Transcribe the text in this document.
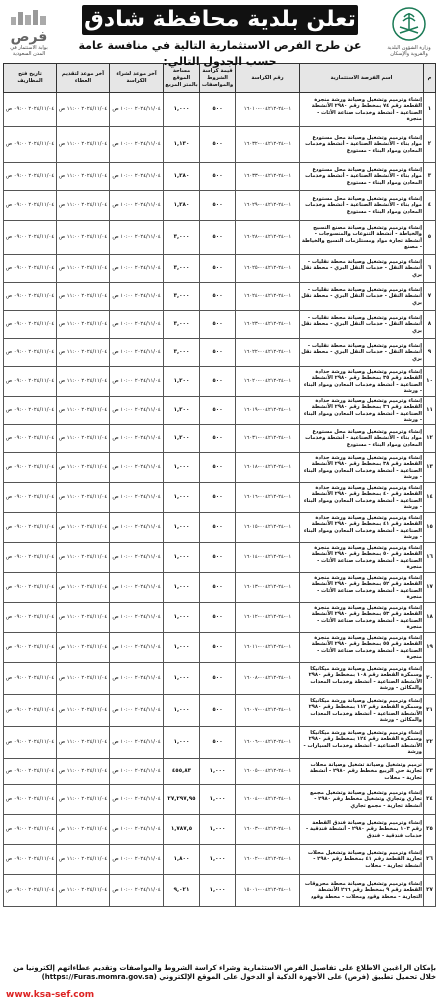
وزارة الشؤون البلدية والقروية والإسكان
تعلن بلدية محافظة شادق
عن طرح الفرص الاستثمارية التالية في منافسة عامة حسب الجدول التالي:
فرص
بوابة الاستثمار في المدن السعودية
م	اسم الفرصة الاستثمارية	رقم الكراسة	قيمة كراسة الشروط والمواصفات	مساحة الموقع بالمتر المربع	آخر موعد لشراء الكراسة	آخر موعد لتقديم العطاء	تاريخ فتح المظاريف
١	إنشاء وترميم وتشغيل وصيانة ورشة منجرة القطعة رقم ٧٤ بمخطط رقم ٢٩٨٠ الأنشطة الصناعية - أنشطة وخدمات صناعة الأثاث - منجرة	٠١-٢٤-٠٠٤٢١٢-١٦٠١٠	٥٠٠	١,٠٠٠	٢٠٢٤/١١/٠٤ ١٠:٠٠ ص	٢٠٢٤/١١/٠٤ ١١:٠٠ ص	٢٠٢٤/١١/٠٤ ٠٩:٠٠ ص
٢	إنشاء وترميم وتشغيل وصيانة محل مستودع مواد بناء - الأنشطة الصناعية - أنشطة وخدمات المعادن ومواد البناء - مستودع	٠١-٢٤-٠٠٤٢١٢-١٦٠٣٢	٥٠٠	١,١٣٠	٢٠٢٤/١١/٠٤ ١٠:٠٠ ص	٢٠٢٤/١١/٠٤ ١١:٠٠ ص	٢٠٢٤/١١/٠٤ ٠٩:٠٠ ص
٣	إنشاء وترميم وتشغيل وصيانة محل مستودع مواد بناء - الأنشطة الصناعية - أنشطة وخدمات المعادن ومواد البناء - مستودع	٠١-٢٤-٠٠٤٢١٢-١٦٠٣٣	٥٠٠	١,٢٨٠	٢٠٢٤/١١/٠٤ ١٠:٠٠ ص	٢٠٢٤/١١/٠٤ ١١:٠٠ ص	٢٠٢٤/١١/٠٤ ٠٩:٠٠ ص
٤	إنشاء وترميم وتشغيل وصيانة محل مستودع مواد بناء - الأنشطة الصناعية - أنشطة وخدمات المعادن ومواد البناء - مستودع	٠١-٢٤-٠٠٤٢١٢-١٦٠٢٩	٥٠٠	١,٢٨٠	٢٠٢٤/١١/٠٤ ١٠:٠٠ ص	٢٠٢٤/١١/٠٤ ١١:٠٠ ص	٢٠٢٤/١١/٠٤ ٠٩:٠٠ ص
٥	إنشاء وترميم وتشغيل وصيانة مصنع النسيج والخياطة - أنشطة التنوعات والمنسوجات - أنشطة تجارة مواد ومستلزمات النسيج والخياطة - مصنع	٠١-٢٤-٠٠٤٢١٢-١٦٠٢٨	٥٠٠	٣,٠٠٠	٢٠٢٤/١١/٠٤ ١٠:٠٠ ص	٢٠٢٤/١١/٠٤ ١١:٠٠ ص	٢٠٢٤/١١/٠٤ ٠٩:٠٠ ص
٦	إنشاء وترميم وتشغيل وصيانة محطة نقليات - أنشطة النقل - خدمات النقل البري - محطة نقل بري	٠١-٢٤-٠٠٤٢١٢-١٦٠٢٥	٥٠٠	٣,٠٠٠	٢٠٢٤/١١/٠٤ ١٠:٠٠ ص	٢٠٢٤/١١/٠٤ ١١:٠٠ ص	٢٠٢٤/١١/٠٤ ٠٩:٠٠ ص
٧	إنشاء وترميم وتشغيل وصيانة محطة نقليات - أنشطة النقل - خدمات النقل البري - محطة نقل بري	٠١-٢٤-٠٠٤٢١٢-١٦٠٢٤	٥٠٠	٣,٠٠٠	٢٠٢٤/١١/٠٤ ١٠:٠٠ ص	٢٠٢٤/١١/٠٤ ١١:٠٠ ص	٢٠٢٤/١١/٠٤ ٠٩:٠٠ ص
٨	إنشاء وترميم وتشغيل وصيانة محطة نقليات - أنشطة النقل - خدمات النقل البري - محطة نقل بري	٠١-٢٤-٠٠٤٢١٢-١٦٠٢٣	٥٠٠	٣,٠٠٠	٢٠٢٤/١١/٠٤ ١٠:٠٠ ص	٢٠٢٤/١١/٠٤ ١١:٠٠ ص	٢٠٢٤/١١/٠٤ ٠٩:٠٠ ص
٩	إنشاء وترميم وتشغيل وصيانة محطة نقليات - أنشطة النقل - خدمات النقل البري - محطة نقل بري	٠١-٢٤-٠٠٤٢١٢-١٦٠٢٢	٥٠٠	٣,٠٠٠	٢٠٢٤/١١/٠٤ ١٠:٠٠ ص	٢٠٢٤/١١/٠٤ ١١:٠٠ ص	٢٠٢٤/١١/٠٤ ٠٩:٠٠ ص
١٠	إنشاء وترميم وتشغيل وصيانة ورشة حدادة القطعة رقم ٣٥ بمخطط رقم ٢٩٨٠ الأنشطة الصناعية - أنشطة وخدمات المعادن ومواد البناء - ورشة	٠١-٢٤-٠٠٤٢١٢-١٦٠٢٠	٥٠٠	١,٢٠٠	٢٠٢٤/١١/٠٤ ١٠:٠٠ ص	٢٠٢٤/١١/٠٤ ١١:٠٠ ص	٢٠٢٤/١١/٠٤ ٠٩:٠٠ ص
١١	إنشاء وترميم وتشغيل وصيانة ورشة حدادة القطعة رقم ٣٦ بمخطط رقم ٢٩٨٠ الأنشطة الصناعية - أنشطة وخدمات المعادن ومواد البناء - ورشة	٠١-٢٤-٠٠٤٢١٢-١٦٠١٩	٥٠٠	١,٢٠٠	٢٠٢٤/١١/٠٤ ١٠:٠٠ ص	٢٠٢٤/١١/٠٤ ١١:٠٠ ص	٢٠٢٤/١١/٠٤ ٠٩:٠٠ ص
١٢	إنشاء وترميم وتشغيل وصيانة محل مستودع مواد بناء - الأنشطة الصناعية - أنشطة وخدمات المعادن ومواد البناء - مستودع	٠١-٢٤-٠٠٤٢١٢-١٦٠٣١	٥٠٠	١,٢٠٠	٢٠٢٤/١١/٠٤ ١٠:٠٠ ص	٢٠٢٤/١١/٠٤ ١١:٠٠ ص	٢٠٢٤/١١/٠٤ ٠٩:٠٠ ص
١٣	إنشاء وترميم وتشغيل وصيانة ورشة حدادة القطعة رقم ٣٨ بمخطط رقم ٢٩٨٠ الأنشطة الصناعية - أنشطة وخدمات المعادن ومواد البناء - ورشة	٠١-٢٤-٠٠٤٢١٢-١٦٠١٨	٥٠٠	١,٠٠٠	٢٠٢٤/١١/٠٤ ١٠:٠٠ ص	٢٠٢٤/١١/٠٤ ١١:٠٠ ص	٢٠٢٤/١١/٠٤ ٠٩:٠٠ ص
١٤	إنشاء وترميم وتشغيل وصيانة ورشة حدادة القطعة رقم ٤٠ بمخطط رقم ٢٩٨٠ الأنشطة الصناعية - أنشطة وخدمات المعادن ومواد البناء - ورشة	٠١-٢٤-٠٠٤٢١٢-١٦٠١٦	٥٠٠	١,٠٠٠	٢٠٢٤/١١/٠٤ ١٠:٠٠ ص	٢٠٢٤/١١/٠٤ ١١:٠٠ ص	٢٠٢٤/١١/٠٤ ٠٩:٠٠ ص
١٥	إنشاء وترميم وتشغيل وصيانة ورشة حدادة القطعة رقم ٤١ بمخطط رقم ٢٩٨٠ الأنشطة الصناعية - أنشطة وخدمات المعادن ومواد البناء - ورشة	٠١-٢٤-٠٠٤٢١٢-١٦٠١٥	٥٠٠	١,٠٠٠	٢٠٢٤/١١/٠٤ ١٠:٠٠ ص	٢٠٢٤/١١/٠٤ ١١:٠٠ ص	٢٠٢٤/١١/٠٤ ٠٩:٠٠ ص
١٦	إنشاء وترميم وتشغيل وصيانة ورشة منجرة القطعة رقم ٥٠ بمخطط رقم ٢٩٨٠ الأنشطة الصناعية - أنشطة وخدمات صناعة الأثاث - منجرة	٠١-٢٤-٠٠٤٢١٢-١٦٠١٤	٥٠٠	١,٠٠٠	٢٠٢٤/١١/٠٤ ١٠:٠٠ ص	٢٠٢٤/١١/٠٤ ١١:٠٠ ص	٢٠٢٤/١١/٠٤ ٠٩:٠٠ ص
١٧	إنشاء وترميم وتشغيل وصيانة ورشة منجرة القطعة رقم ٥٢ بمخطط رقم ٢٩٨٠ الأنشطة الصناعية - أنشطة وخدمات صناعة الأثاث - منجرة	٠١-٢٤-٠٠٤٢١٢-١٦٠١٣	٥٠٠	١,٠٠٠	٢٠٢٤/١١/٠٤ ١٠:٠٠ ص	٢٠٢٤/١١/٠٤ ١١:٠٠ ص	٢٠٢٤/١١/٠٤ ٠٩:٠٠ ص
١٨	إنشاء وترميم وتشغيل وصيانة ورشة منجرة القطعة رقم ٥٣ بمخطط رقم ٢٩٨٠ الأنشطة الصناعية - أنشطة وخدمات صناعة الأثاث - منجرة	٠١-٢٤-٠٠٤٢١٢-١٦٠١٢	٥٠٠	١,٠٠٠	٢٠٢٤/١١/٠٤ ١٠:٠٠ ص	٢٠٢٤/١١/٠٤ ١١:٠٠ ص	٢٠٢٤/١١/٠٤ ٠٩:٠٠ ص
١٩	إنشاء وترميم وتشغيل وصيانة ورشة منجرة القطعة رقم ٥٥ بمخطط رقم ٢٩٨٠ الأنشطة الصناعية - أنشطة وخدمات صناعة الأثاث - منجرة	٠١-٢٤-٠٠٤٢١٢-١٦٠١١	٥٠٠	١,٠٠٠	٢٠٢٤/١١/٠٤ ١٠:٠٠ ص	٢٠٢٤/١١/٠٤ ١١:٠٠ ص	٢٠٢٤/١١/٠٤ ٠٩:٠٠ ص
٢٠	إنشاء وترميم وتشغيل وصيانة ورشة ميكانيكا وسمكرة القطعة رقم ١٠٨ بمخطط رقم ٢٩٨٠ الأنشطة الصناعية - أنشطة وخدمات المعدات والمكائن - ورشة	٠١-٢٤-٠٠٤٢١٢-١٦٠٠٨	٥٠٠	١,٠٠٠	٢٠٢٤/١١/٠٤ ١٠:٠٠ ص	٢٠٢٤/١١/٠٤ ١١:٠٠ ص	٢٠٢٤/١١/٠٤ ٠٩:٠٠ ص
٢١	إنشاء وترميم وتشغيل وصيانة ورشة ميكانيكا وسمكرة القطعة رقم ١١٢ بمخطط رقم ٢٩٨٠ الأنشطة الصناعية - أنشطة وخدمات المعدات والمكائن - ورشة	٠١-٢٤-٠٠٤٢١٢-١٦٠٠٧	٥٠٠	١,٠٠٠	٢٠٢٤/١١/٠٤ ١٠:٠٠ ص	٢٠٢٤/١١/٠٤ ١١:٠٠ ص	٢٠٢٤/١١/٠٤ ٠٩:٠٠ ص
٢٢	إنشاء وترميم وتشغيل وصيانة ورشة ميكانيكا وسمكرة القطعة رقم ١٢٤ بمخطط رقم ٢٩٨٠ الأنشطة الصناعية - أنشطة وخدمات السيارات - ورشة	٠١-٢٤-٠٠٤٢١٢-١٦٠٠٦	٥٠٠	١,٠٠٠	٢٠٢٤/١١/٠٤ ١٠:٠٠ ص	٢٠٢٤/١١/٠٤ ١١:٠٠ ص	٢٠٢٤/١١/٠٤ ٠٩:٠٠ ص
٢٣	ترميم وتشغيل وصيانة تشغيل وصيانة محلات تجارية حي الربيع مخطط رقم ٢٩٨٠ - أنشطة تجارية - محلات	٠١-٢٤-٠٠٤٢١٢-١٦٠٠٥	١,٠٠٠	٤٥٥,٨٣	٢٠٢٤/١١/٠٤ ١٠:٠٠ ص	٢٠٢٤/١١/٠٤ ١١:٠٠ ص	٢٠٢٤/١١/٠٤ ٠٩:٠٠ ص
٢٤	إنشاء وترميم وتشغيل وصيانة وتشغيل مجمع تجاري وتجاري وتشغيل مخطط رقم ٢٩٨٠ - أنشطة تجارية - مجمع تجاري	٠١-٢٤-٠٠٤٢١٢-١٦٠٠٤	١,٠٠٠	٢٧,٢٩٧,٩٥	٢٠٢٤/١١/٠٤ ١٠:٠٠ ص	٢٠٢٤/١١/٠٤ ١١:٠٠ ص	٢٠٢٤/١١/٠٤ ٠٩:٠٠ ص
٢٥	إنشاء وترميم وتشغيل وصيانة فندق القطعة رقم ١٠٣ بمخطط رقم ٢٩٨٠ - أنشطة فندقية - خدمات فندقية - فندق	٠١-٢٤-٠٠٤٢١٢-١٦٠٠٣	١,٠٠٠	١,٧٨٧,٥	٢٠٢٤/١١/٠٤ ١٠:٠٠ ص	٢٠٢٤/١١/٠٤ ١١:٠٠ ص	٢٠٢٤/١١/٠٤ ٠٩:٠٠ ص
٢٦	إنشاء وترميم وتشغيل وصيانة وتشغيل محلات تجارية القطعة رقم ٤١ بمخطط رقم ٢٩٨٠ - أنشطة تجارية - محلات	٠١-٢٤-٠٠٤٢١٢-١٦٠٠٢	١,٠٠٠	١,٨٠٠	٢٠٢٤/١١/٠٤ ١٠:٠٠ ص	٢٠٢٤/١١/٠٤ ١١:٠٠ ص	٢٠٢٤/١١/٠٤ ٠٩:٠٠ ص
٢٧	إنشاء وترميم وتشغيل وصيانة محطة محروقات القطعة رقم ٩ بمخطط رقم ٢٦٦ الأنشطة التجارية - محطة وقود ومحلات - محطة وقود	٠١-٢٤-٠٠٤٢١٢-١٥٠٠١	١,٠٠٠	٩,٠٢١	٢٠٢٤/١١/٠٤ ١٠:٠٠ ص	٢٠٢٤/١١/٠٤ ١١:٠٠ ص	٢٠٢٤/١١/٠٤ ٠٩:٠٠ ص
بإمكان الراغبين الاطلاع على تفاصيل الفرص الاستثمارية وشراء كراسة الشروط والمواصفات وتقديم عطاءاتهم إلكترونيا من خلال تحميل تطبيق (فرص) على الأجهزة الذكية أو الدخول على الموقع الإلكتروني (https://Furas.momra.gov.sa)
www.ksa-sef.com
